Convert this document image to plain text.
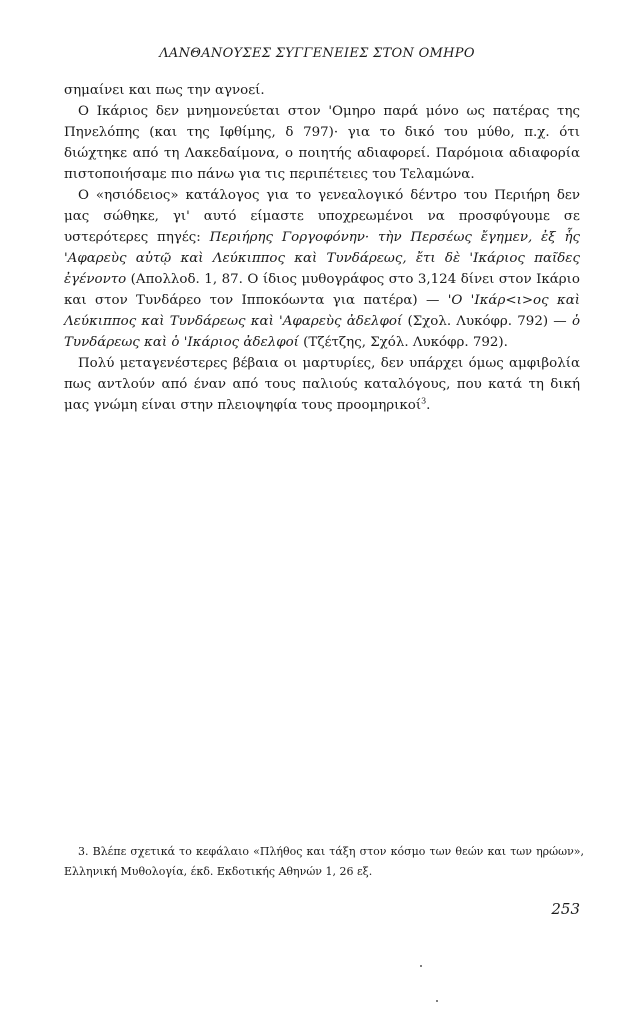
ΛΑΝΘΑΝΟΥΣΕΣ ΣΥΓΓΕΝΕΙΕΣ ΣΤΟΝ ΟΜΗΡΟ

σημαίνει και πως την αγνοεί.

Ο Ικάριος δεν μνημονεύεται στον 'Ομηρο παρά μόνο ως πατέρας της Πηνελόπης (και της Ιφθίμης, δ 797)· για το δικό του μύθο, π.χ. ότι διώχτηκε από τη Λακεδαίμονα, ο ποιητής αδιαφορεί. Παρόμοια αδιαφορία πιστοποιήσαμε πιο πάνω για τις περιπέτειες του Τελαμώνα.

Ο «ησιόδειος» κατάλογος για το γενεαλογικό δέντρο του Περιήρη δεν μας σώθηκε, γι' αυτό είμαστε υποχρεωμένοι να προσφύγουμε σε υστερότερες πηγές: Περιήρης Γοργοφόνην· τὴν Περσέως ἔγημεν, ἐξ ἧς 'Αφαρεὺς αὐτῷ καὶ Λεύκιππος καὶ Τυνδάρεως, ἔτι δὲ 'Ικάριος παῖδες ἐγένοντο (Απολλοδ. 1, 87. Ο ίδιος μυθογράφος στο 3,124 δίνει στον Ικάριο και στον Τυνδάρεο τον Ιπποκόωντα για πατέρα) — 'Ο 'Ικάρ<ι>ος καὶ Λεύκιππος καὶ Τυνδάρεως καὶ 'Αφαρεὺς ἀδελφοί (Σχολ. Λυκόφρ. 792) — ὁ Τυνδάρεως καὶ ὁ 'Ικάριος ἀδελφοί (Τζέτζης, Σχόλ. Λυκόφρ. 792).

Πολύ μεταγενέστερες βέβαια οι μαρτυρίες, δεν υπάρχει όμως αμφιβολία πως αντλούν από έναν από τους παλιούς καταλόγους, που κατά τη δική μας γνώμη είναι στην πλειοψηφία τους προομηρικοί$^3$.

3. Βλέπε σχετικά το κεφάλαιο «Πλήθος και τάξη στον κόσμο των θεών και των ηρώων», Ελληνική Μυθολογία, έκδ. Εκδοτικής Αθηνών 1, 26 εξ.

253
